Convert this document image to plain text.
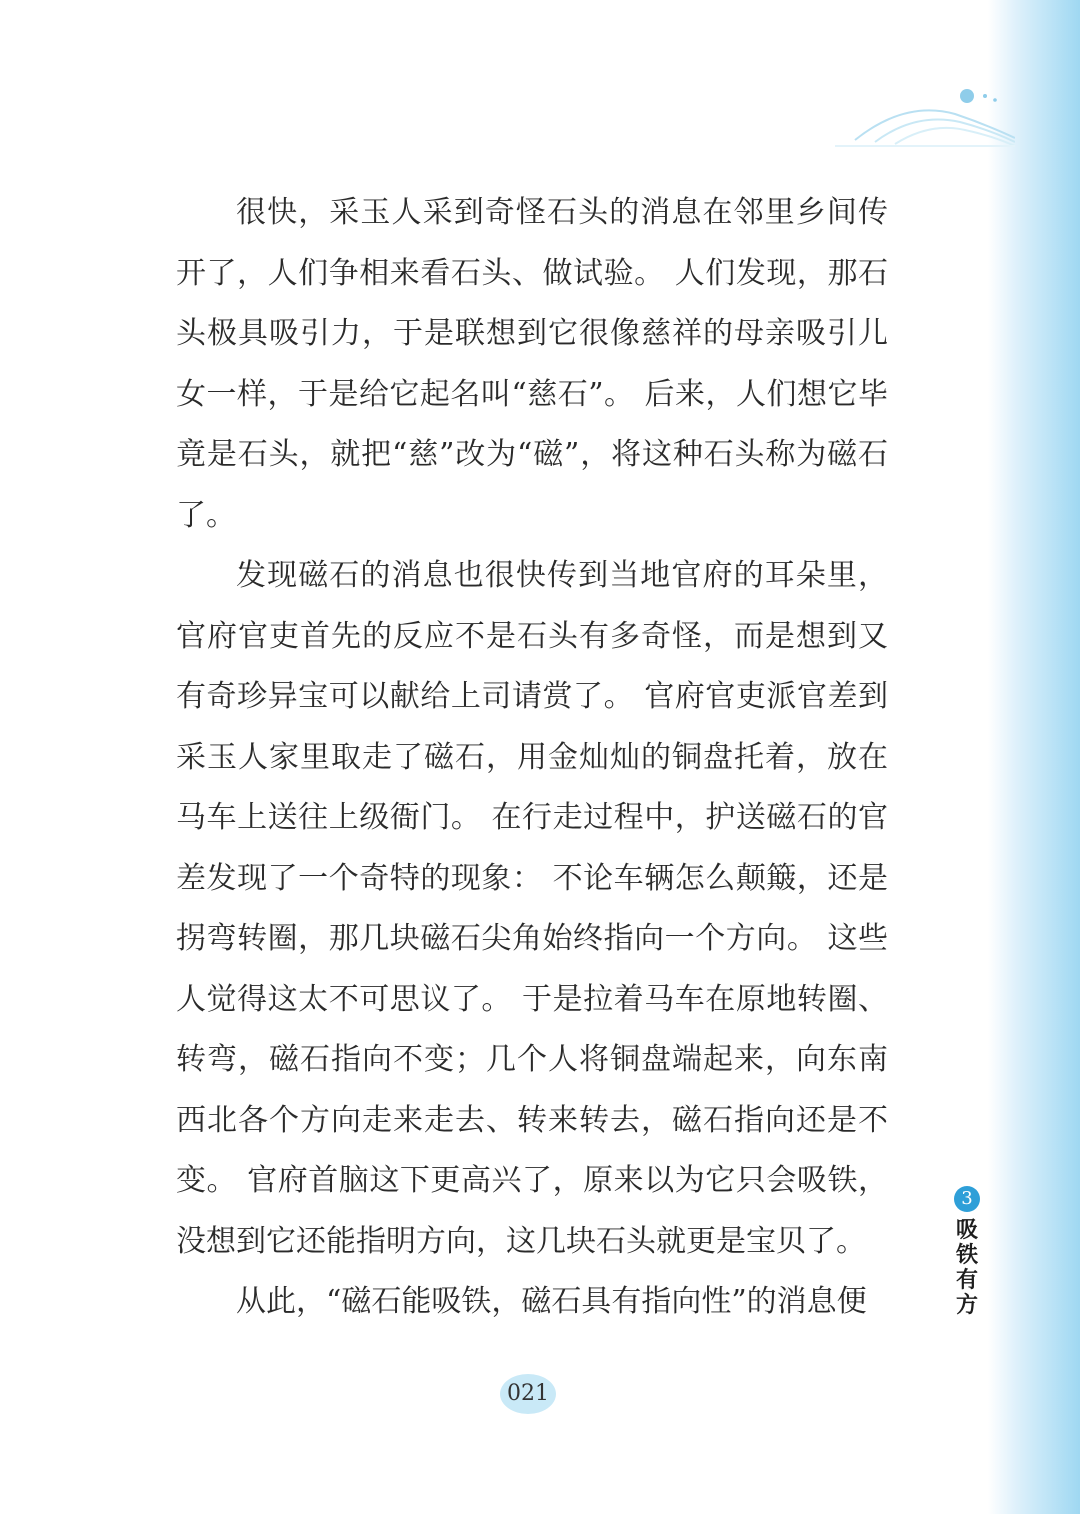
很快，采玉人采到奇怪石头的消息在邻里乡间传开了，人们争相来看石头、做试验。 人们发现，那石头极具吸引力，于是联想到它很像慈祥的母亲吸引儿女一样，于是给它起名叫“慈石”。 后来，人们想它毕竟是石头，就把“慈”改为“磁”，将这种石头称为磁石了。

发现磁石的消息也很快传到当地官府的耳朵里，官府官吏首先的反应不是石头有多奇怪，而是想到又有奇珍异宝可以献给上司请赏了。 官府官吏派官差到采玉人家里取走了磁石，用金灿灿的铜盘托着，放在马车上送往上级衙门。 在行走过程中，护送磁石的官差发现了一个奇特的现象： 不论车辆怎么颠簸，还是拐弯转圈，那几块磁石尖角始终指向一个方向。 这些人觉得这太不可思议了。 于是拉着马车在原地转圈、转弯，磁石指向不变；几个人将铜盘端起来，向东南西北各个方向走来走去、转来转去，磁石指向还是不变。 官府首脑这下更高兴了，原来以为它只会吸铁，没想到它还能指明方向，这几块石头就更是宝贝了。

从此，“磁石能吸铁，磁石具有指向性”的消息便

3
吸铁有方
021
